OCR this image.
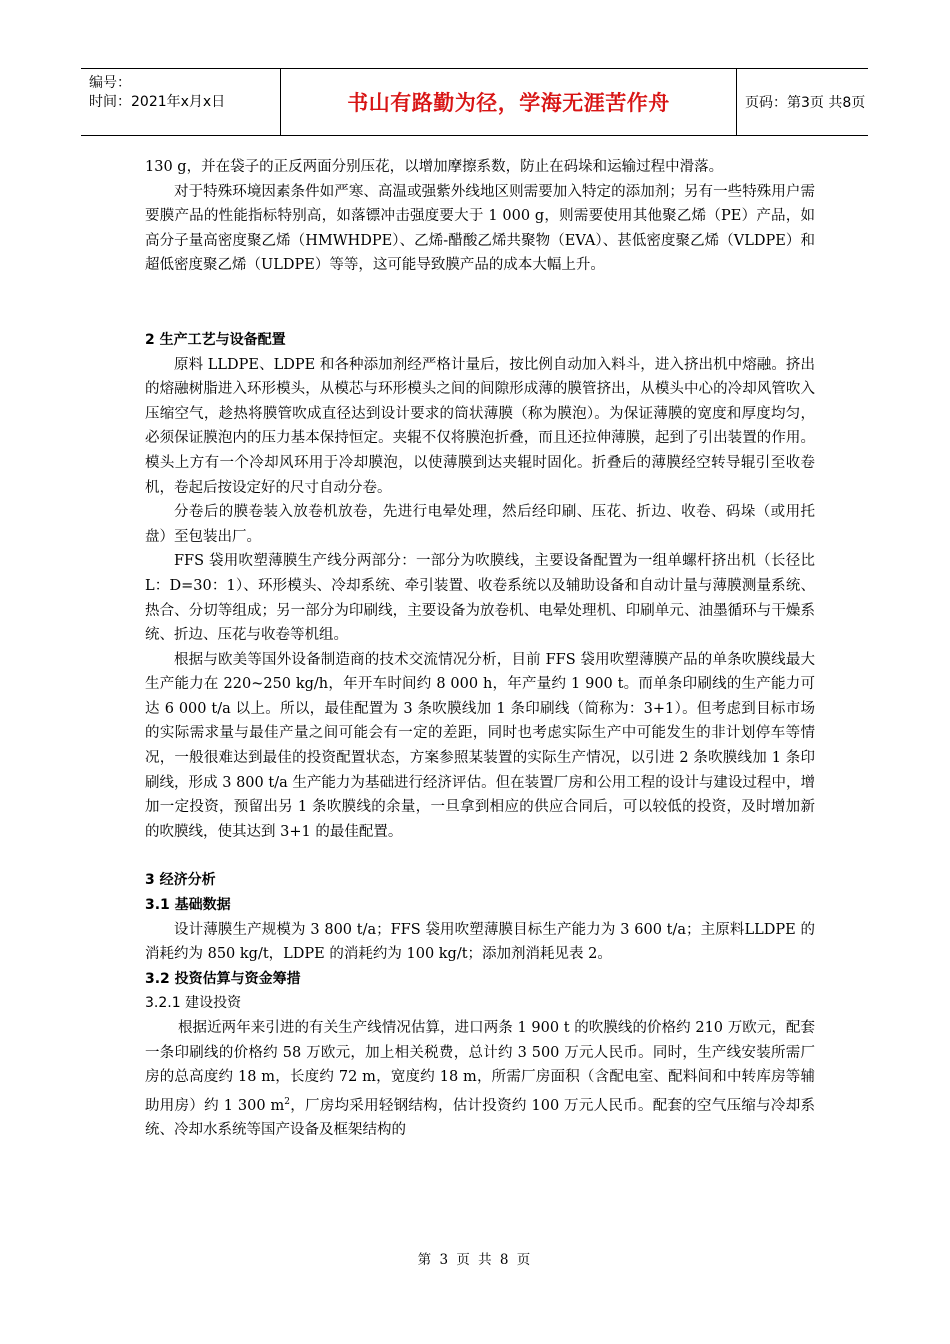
编号：
时间：2021年x月x日	书山有路勤为径，学海无涯苦作舟	页码：第3页 共8页

130 g，并在袋子的正反两面分别压花，以增加摩擦系数，防止在码垛和运输过程中滑落。

对于特殊环境因素条件如严寒、高温或强紫外线地区则需要加入特定的添加剂；另有一些特殊用户需要膜产品的性能指标特别高，如落镖冲击强度要大于 1 000 g，则需要使用其他聚乙烯（PE）产品，如高分子量高密度聚乙烯（HMWHDPE）、乙烯-醋酸乙烯共聚物（EVA）、甚低密度聚乙烯（VLDPE）和超低密度聚乙烯（ULDPE）等等，这可能导致膜产品的成本大幅上升。

2 生产工艺与设备配置

原料 LLDPE、LDPE 和各种添加剂经严格计量后，按比例自动加入料斗，进入挤出机中熔融。挤出的熔融树脂进入环形模头，从模芯与环形模头之间的间隙形成薄的膜管挤出，从模头中心的冷却风管吹入压缩空气，趁热将膜管吹成直径达到设计要求的筒状薄膜（称为膜泡）。为保证薄膜的宽度和厚度均匀，必须保证膜泡内的压力基本保持恒定。夹辊不仅将膜泡折叠，而且还拉伸薄膜，起到了引出装置的作用。模头上方有一个冷却风环用于冷却膜泡，以使薄膜到达夹辊时固化。折叠后的薄膜经空转导辊引至收卷机，卷起后按设定好的尺寸自动分卷。

分卷后的膜卷装入放卷机放卷，先进行电晕处理，然后经印刷、压花、折边、收卷、码垛（或用托盘）至包装出厂。

FFS 袋用吹塑薄膜生产线分两部分：一部分为吹膜线，主要设备配置为一组单螺杆挤出机（长径比 L：D=30：1）、环形模头、冷却系统、牵引装置、收卷系统以及辅助设备和自动计量与薄膜测量系统、热合、分切等组成；另一部分为印刷线，主要设备为放卷机、电晕处理机、印刷单元、油墨循环与干燥系统、折边、压花与收卷等机组。

根据与欧美等国外设备制造商的技术交流情况分析，目前 FFS 袋用吹塑薄膜产品的单条吹膜线最大生产能力在 220~250 kg/h，年开车时间约 8 000 h，年产量约 1 900 t。而单条印刷线的生产能力可达 6 000 t/a 以上。所以，最佳配置为 3 条吹膜线加 1 条印刷线（简称为：3+1）。但考虑到目标市场的实际需求量与最佳产量之间可能会有一定的差距，同时也考虑实际生产中可能发生的非计划停车等情况，一般很难达到最佳的投资配置状态，方案参照某装置的实际生产情况，以引进 2 条吹膜线加 1 条印刷线，形成 3 800 t/a 生产能力为基础进行经济评估。但在装置厂房和公用工程的设计与建设过程中，增加一定投资，预留出另 1 条吹膜线的余量，一旦拿到相应的供应合同后，可以较低的投资，及时增加新的吹膜线，使其达到 3+1 的最佳配置。

3 经济分析

3.1 基础数据

设计薄膜生产规模为 3 800 t/a；FFS 袋用吹塑薄膜目标生产能力为 3 600 t/a；主原料LLDPE 的消耗约为 850 kg/t，LDPE 的消耗约为 100 kg/t；添加剂消耗见表 2。

3.2 投资估算与资金筹措

3.2.1 建设投资

根据近两年来引进的有关生产线情况估算，进口两条 1 900 t 的吹膜线的价格约 210 万欧元，配套一条印刷线的价格约 58 万欧元，加上相关税费，总计约 3 500 万元人民币。同时，生产线安装所需厂房的总高度约 18 m，长度约 72 m，宽度约 18 m，所需厂房面积（含配电室、配料间和中转库房等辅助用房）约 1 300 $m^2$，厂房均采用轻钢结构，估计投资约 100 万元人民币。配套的空气压缩与冷却系统、冷却水系统等国产设备及框架结构的

第 3 页 共 8 页
